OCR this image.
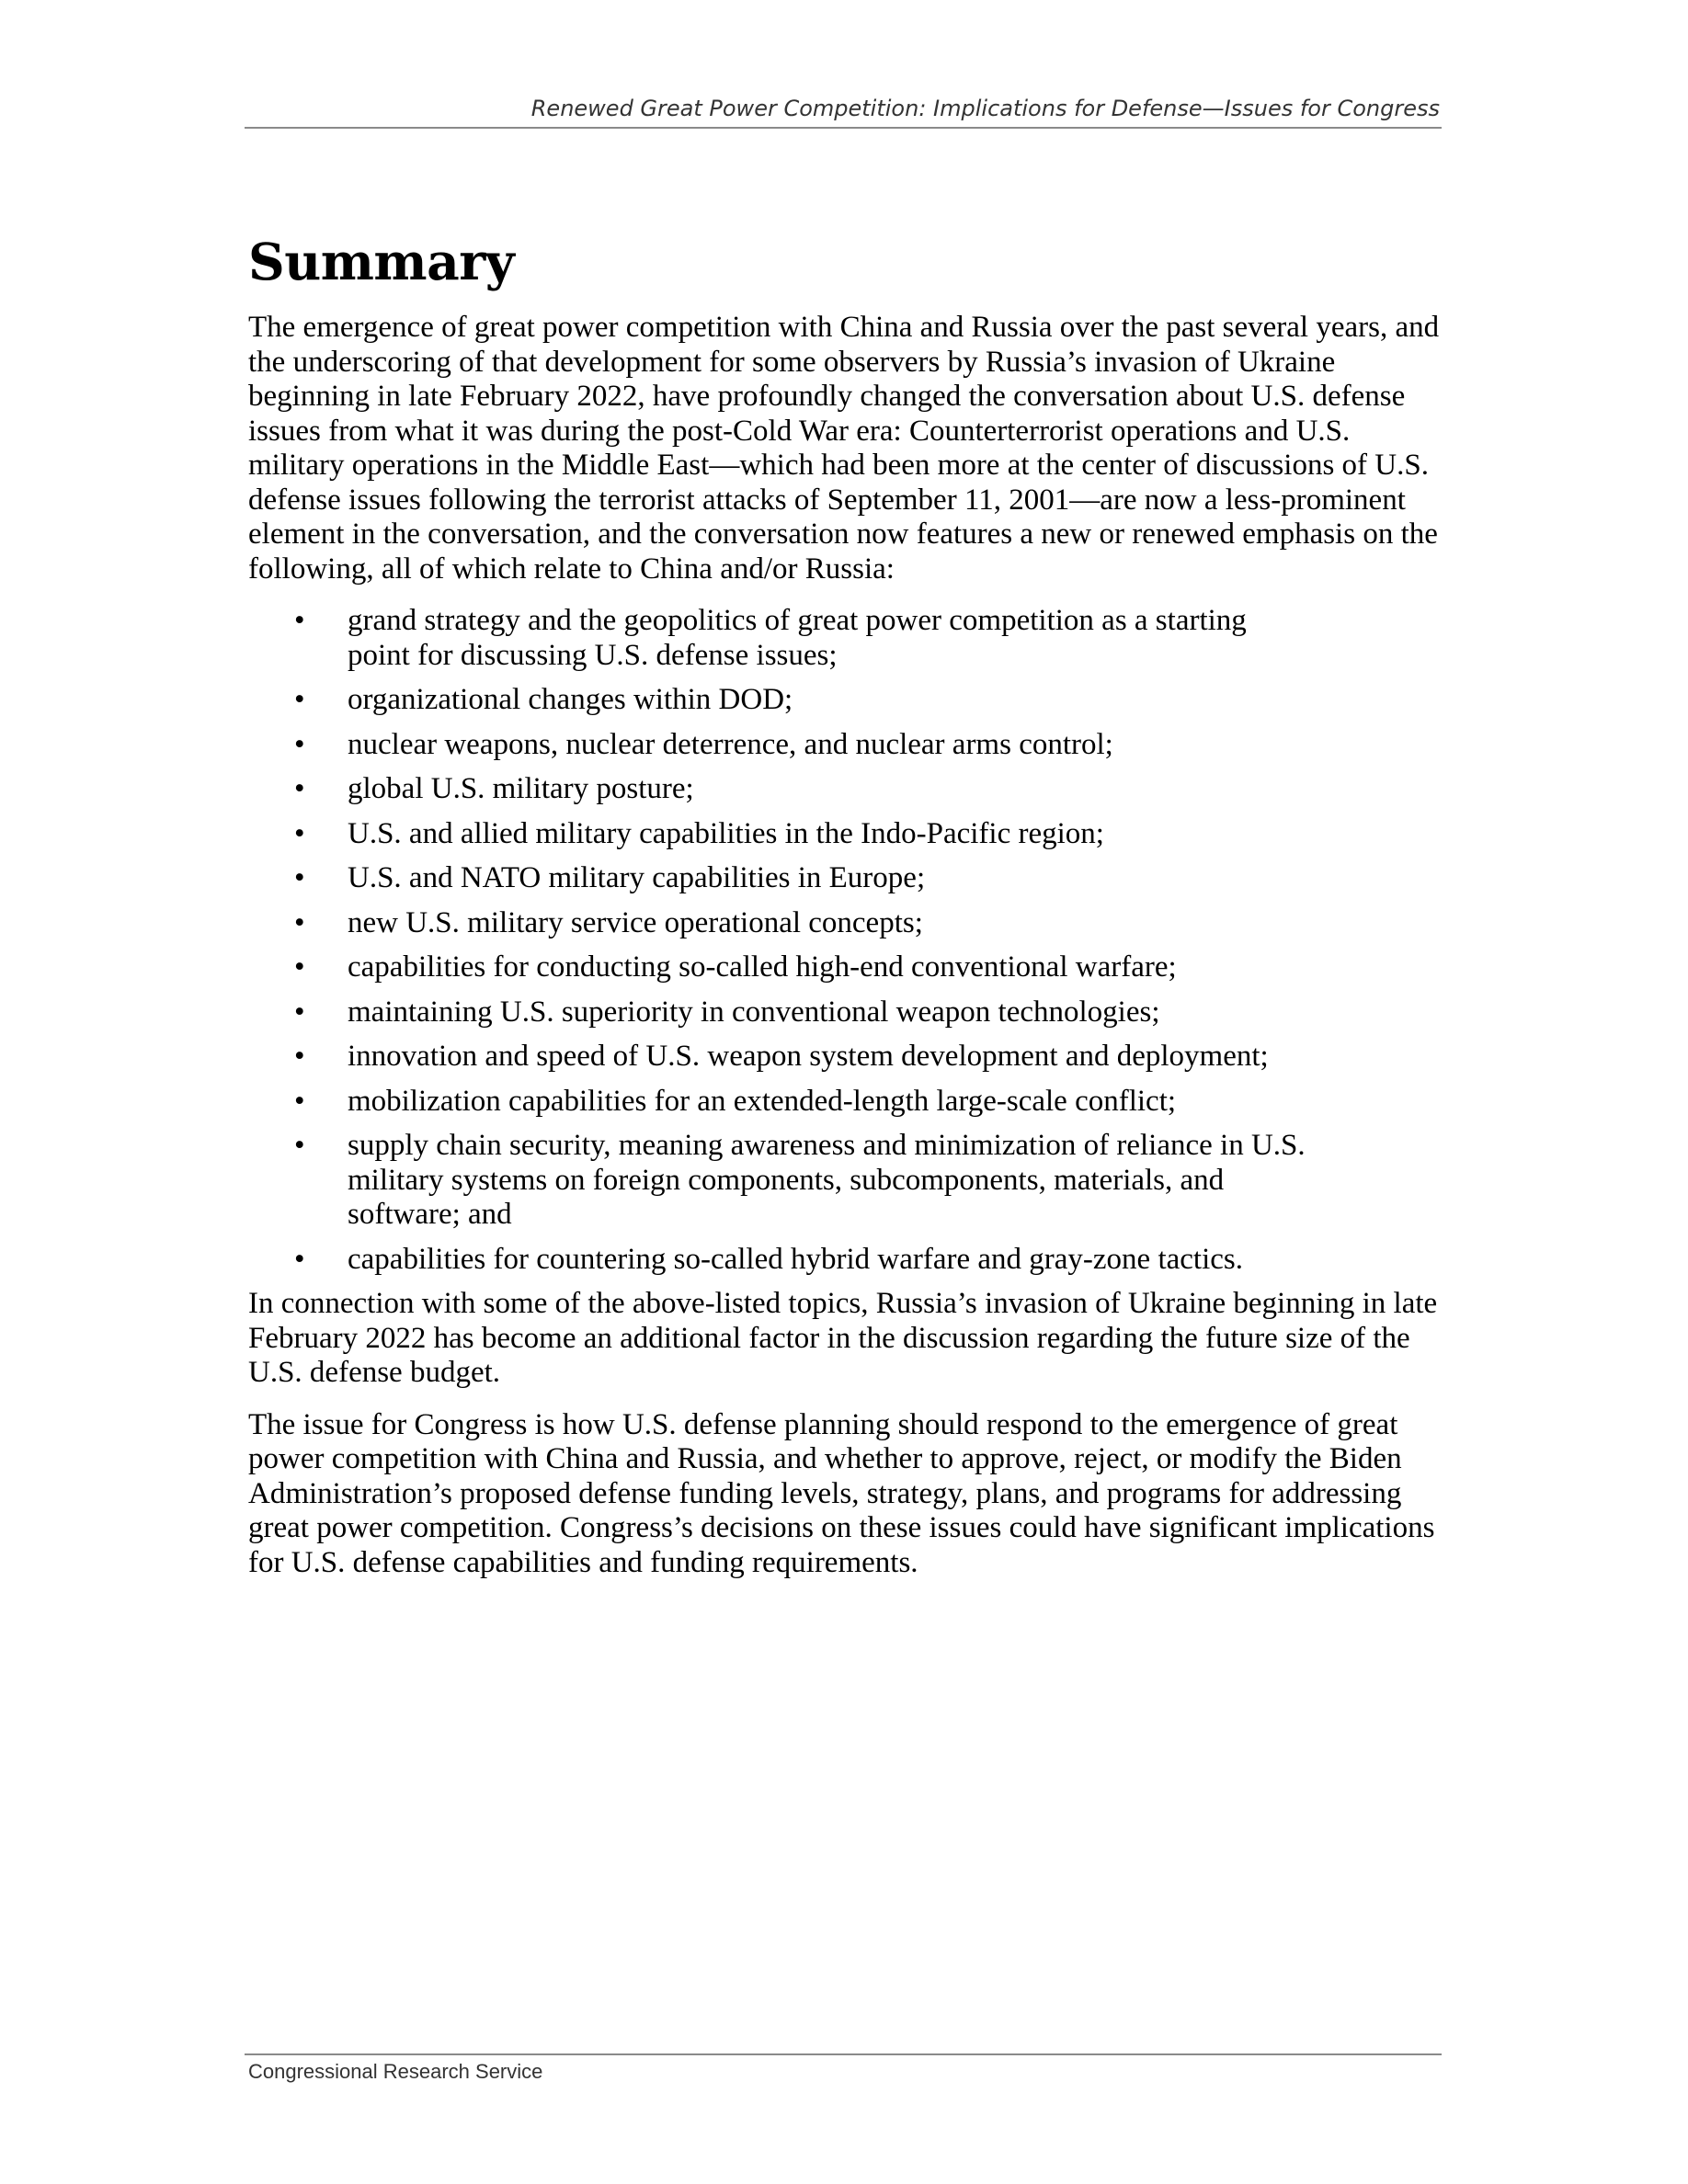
Renewed Great Power Competition: Implications for Defense—Issues for Congress
Summary

The emergence of great power competition with China and Russia over the past several years, and the underscoring of that development for some observers by Russia’s invasion of Ukraine beginning in late February 2022, have profoundly changed the conversation about U.S. defense issues from what it was during the post-Cold War era: Counterterrorist operations and U.S. military operations in the Middle East—which had been more at the center of discussions of U.S. defense issues following the terrorist attacks of September 11, 2001—are now a less-prominent element in the conversation, and the conversation now features a new or renewed emphasis on the following, all of which relate to China and/or Russia:

• grand strategy and the geopolitics of great power competition as a starting point for discussing U.S. defense issues;
• organizational changes within DOD;
• nuclear weapons, nuclear deterrence, and nuclear arms control;
• global U.S. military posture;
• U.S. and allied military capabilities in the Indo-Pacific region;
• U.S. and NATO military capabilities in Europe;
• new U.S. military service operational concepts;
• capabilities for conducting so-called high-end conventional warfare;
• maintaining U.S. superiority in conventional weapon technologies;
• innovation and speed of U.S. weapon system development and deployment;
• mobilization capabilities for an extended-length large-scale conflict;
• supply chain security, meaning awareness and minimization of reliance in U.S. military systems on foreign components, subcomponents, materials, and software; and
• capabilities for countering so-called hybrid warfare and gray-zone tactics.

In connection with some of the above-listed topics, Russia’s invasion of Ukraine beginning in late February 2022 has become an additional factor in the discussion regarding the future size of the U.S. defense budget.

The issue for Congress is how U.S. defense planning should respond to the emergence of great power competition with China and Russia, and whether to approve, reject, or modify the Biden Administration’s proposed defense funding levels, strategy, plans, and programs for addressing great power competition. Congress’s decisions on these issues could have significant implications for U.S. defense capabilities and funding requirements.

Congressional Research Service
